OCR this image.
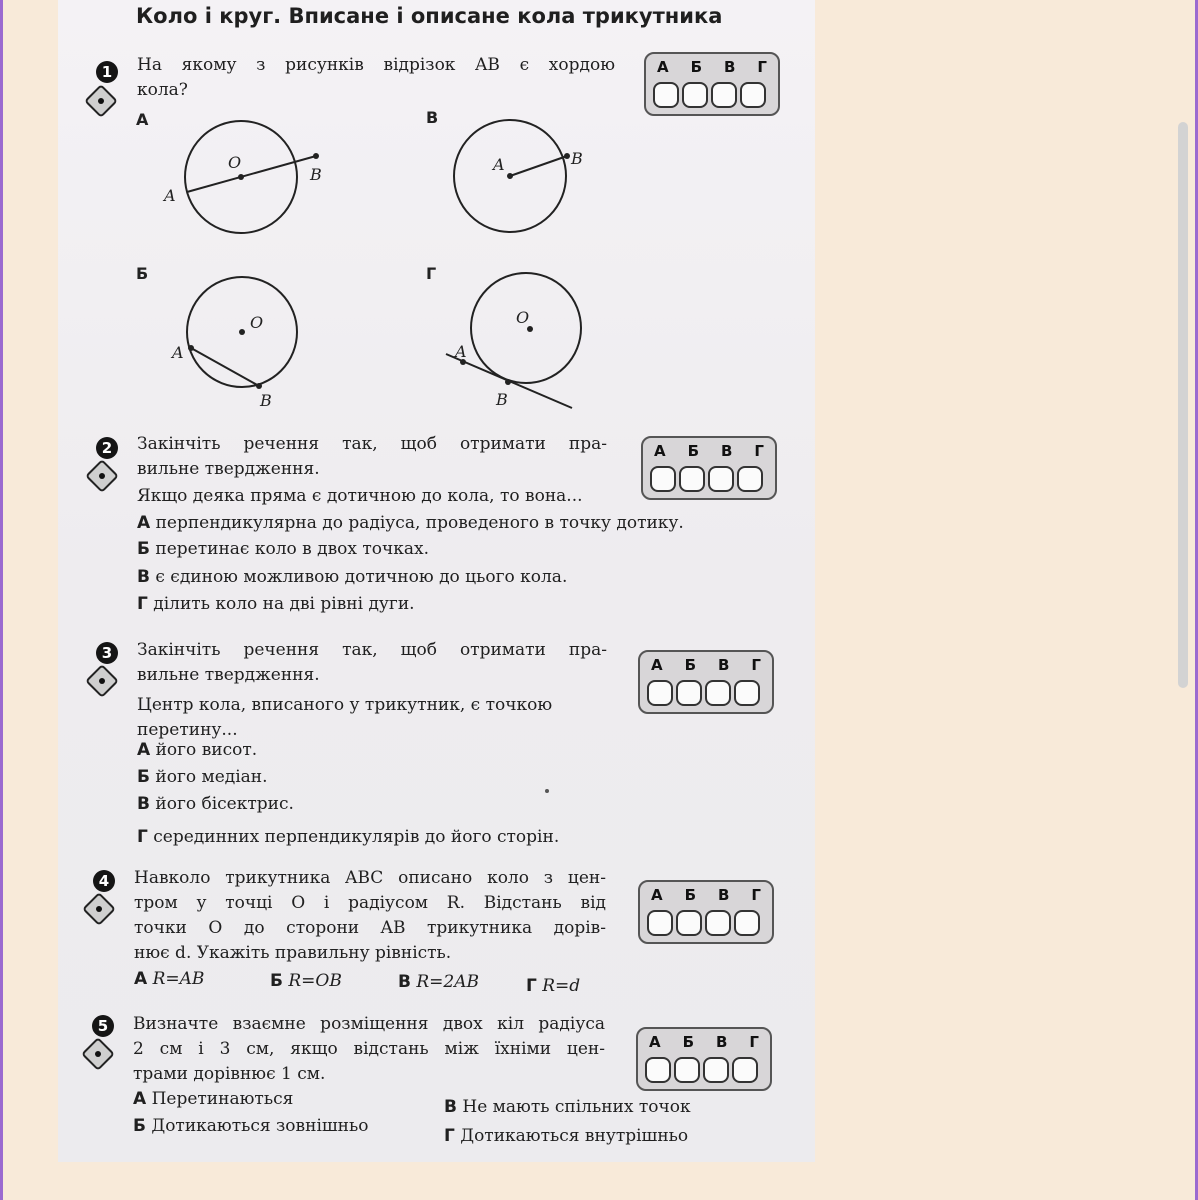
Коло і круг. Вписане і описане кола трикутника
1	На якому з рисунків відрізок AB є хордою
кола?
А Б В Г
А
O
B
A
В
A	B
Б
O
A
B
Г
O
A
B
2	Закінчіть речення так, щоб отримати пра-
вильне твердження.
Якщо деяка пряма є дотичною до кола, то вона...
А Б В Г
А перпендикулярна до радіуса, проведеного в точку дотику.
Б перетинає коло в двох точках.
В є єдиною можливою дотичною до цього кола.
Г ділить коло на дві рівні дуги.
3	Закінчіть речення так, щоб отримати пра-
вильне твердження.
Центр кола, вписаного у трикутник, є точкою
перетину...
А Б В Г
А його висот.
Б його медіан.
В його бісектрис.
Г серединних перпендикулярів до його сторін.
4	Навколо трикутника ABC описано коло з цен-
тром у точці O і радіусом R. Відстань від
точки O до сторони AB трикутника дорів-
нює d. Укажіть правильну рівність.
А Б В Г
А R=AB	Б R=OB	В R=2AB	Г R=d
5	Визначте взаємне розміщення двох кіл радіуса
2 см і 3 см, якщо відстань між їхніми цен-
трами дорівнює 1 см.
А Б В Г
А Перетинаються
Б Дотикаються зовнішньо
В Не мають спільних точок
Г Дотикаються внутрішньо
